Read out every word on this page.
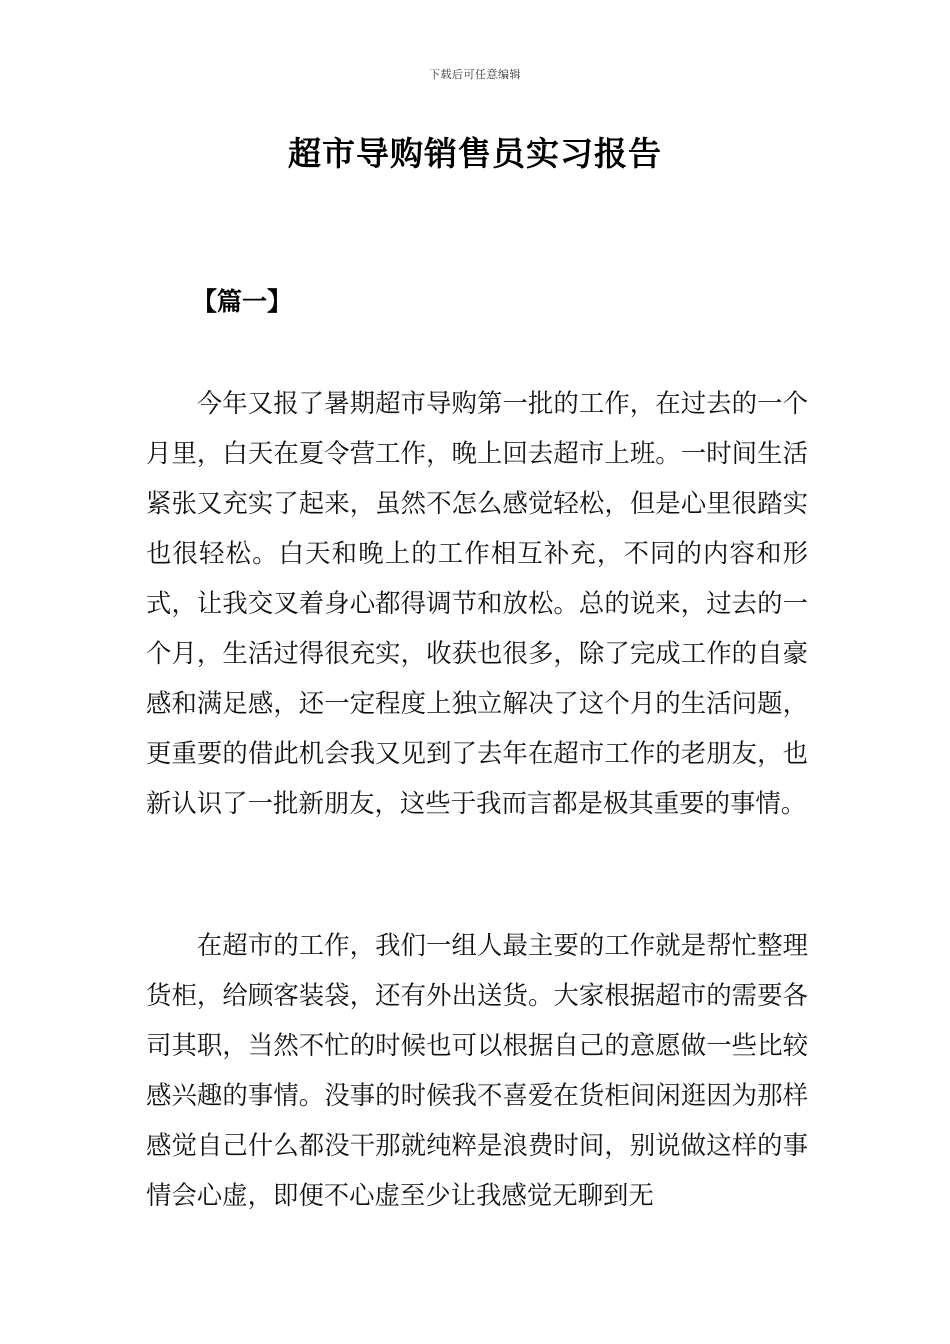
下载后可任意编辑
超市导购销售员实习报告
【篇一】

今年又报了暑期超市导购第一批的工作，在过去的一个月里，白天在夏令营工作，晚上回去超市上班。一时间生活紧张又充实了起来，虽然不怎么感觉轻松，但是心里很踏实也很轻松。白天和晚上的工作相互补充，不同的内容和形式，让我交叉着身心都得调节和放松。总的说来，过去的一个月，生活过得很充实，收获也很多，除了完成工作的自豪感和满足感，还一定程度上独立解决了这个月的生活问题，更重要的借此机会我又见到了去年在超市工作的老朋友，也新认识了一批新朋友，这些于我而言都是极其重要的事情。

在超市的工作，我们一组人最主要的工作就是帮忙整理货柜，给顾客装袋，还有外出送货。大家根据超市的需要各司其职，当然不忙的时候也可以根据自己的意愿做一些比较感兴趣的事情。没事的时候我不喜爱在货柜间闲逛因为那样感觉自己什么都没干那就纯粹是浪费时间，别说做这样的事情会心虚，即便不心虚至少让我感觉无聊到无
